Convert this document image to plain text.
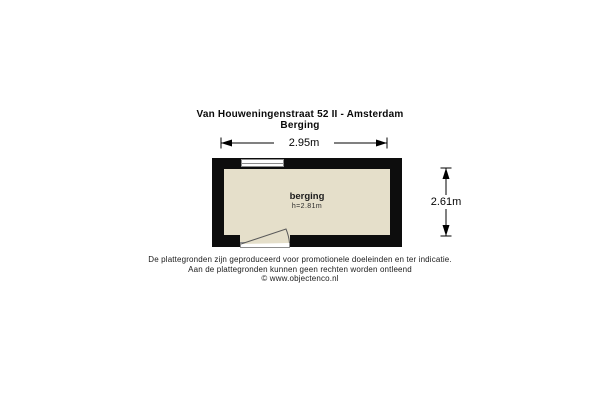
Van Houweningenstraat 52 II - Amsterdam
Berging
2.95m
berging
h=2.81m	2.61m
De plattegronden zijn geproduceerd voor promotionele doeleinden en ter indicatie.
Aan de plattegronden kunnen geen rechten worden ontleend
© www.objectenco.nl
